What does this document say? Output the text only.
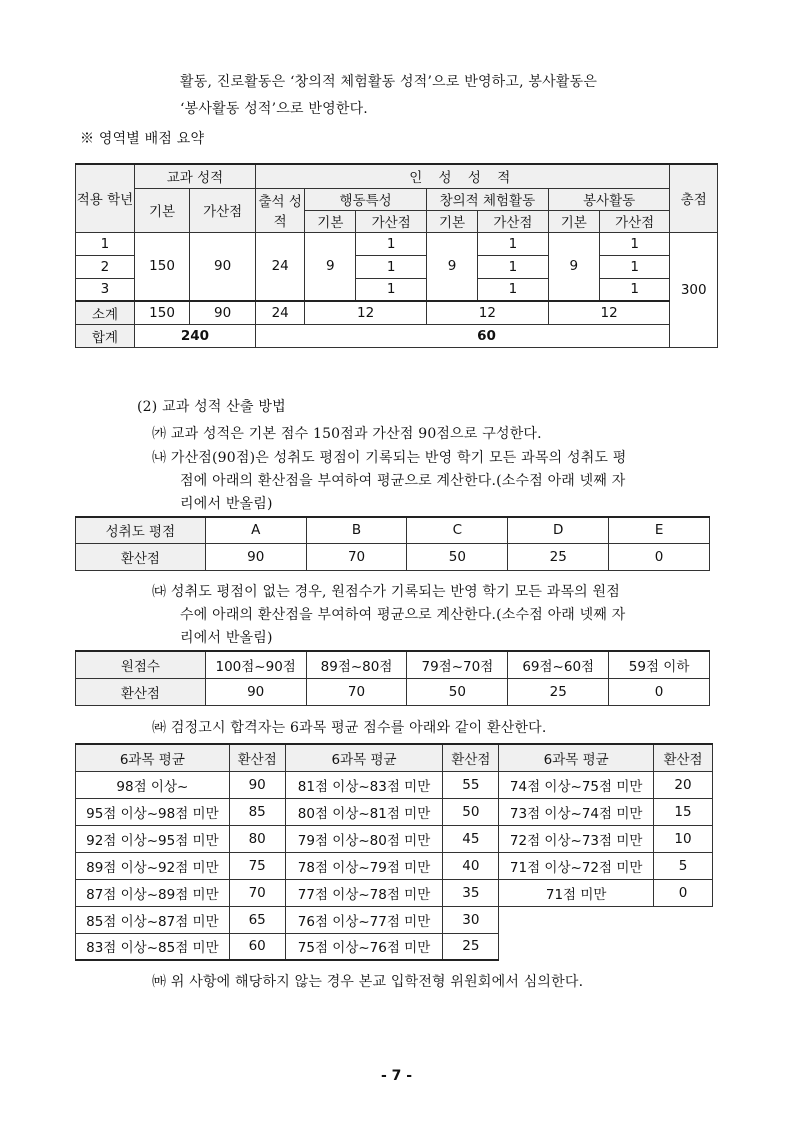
활동, 진로활동은 ‘창의적 체험활동 성적’으로 반영하고, 봉사활동은
‘봉사활동 성적’으로 반영한다.
※ 영역별 배점 요약
적용 학년	교과 성적		인 성 성 적							총점
	기본	가산점	출석 성적	행동특성		창의적 체험활동		봉사활동		
				기본	가산점	기본	가산점	기본	가산점	
1	150	90	24	9	1	9	1	9	1	300
2					1		1		1	
3					1		1		1	
소계	150	90	24	12		12		12		
합계	240		60							
(2) 교과 성적 산출 방법
㈎ 교과 성적은 기본 점수 150점과 가산점 90점으로 구성한다.
㈏ 가산점(90점)은 성취도 평점이 기록되는 반영 학기 모든 과목의 성취도 평
점에 아래의 환산점을 부여하여 평균으로 계산한다.(소수점 아래 넷째 자
리에서 반올림)
성취도 평점	A	B	C	D	E
환산점	90	70	50	25	0
㈐ 성취도 평점이 없는 경우, 원점수가 기록되는 반영 학기 모든 과목의 원점
수에 아래의 환산점을 부여하여 평균으로 계산한다.(소수점 아래 넷째 자
리에서 반올림)
원점수	100점~90점	89점~80점	79점~70점	69점~60점	59점 이하
환산점	90	70	50	25	0
㈑ 검정고시 합격자는 6과목 평균 점수를 아래와 같이 환산한다.
6과목 평균	환산점	6과목 평균	환산점	6과목 평균	환산점
98점 이상~	90	81점 이상~83점 미만	55	74점 이상~75점 미만	20
95점 이상~98점 미만	85	80점 이상~81점 미만	50	73점 이상~74점 미만	15
92점 이상~95점 미만	80	79점 이상~80점 미만	45	72점 이상~73점 미만	10
89점 이상~92점 미만	75	78점 이상~79점 미만	40	71점 이상~72점 미만	5
87점 이상~89점 미만	70	77점 이상~78점 미만	35	71점 미만	0
85점 이상~87점 미만	65	76점 이상~77점 미만	30		
83점 이상~85점 미만	60	75점 이상~76점 미만	25		
㈒ 위 사항에 해당하지 않는 경우 본교 입학전형 위원회에서 심의한다.
- 7 -
